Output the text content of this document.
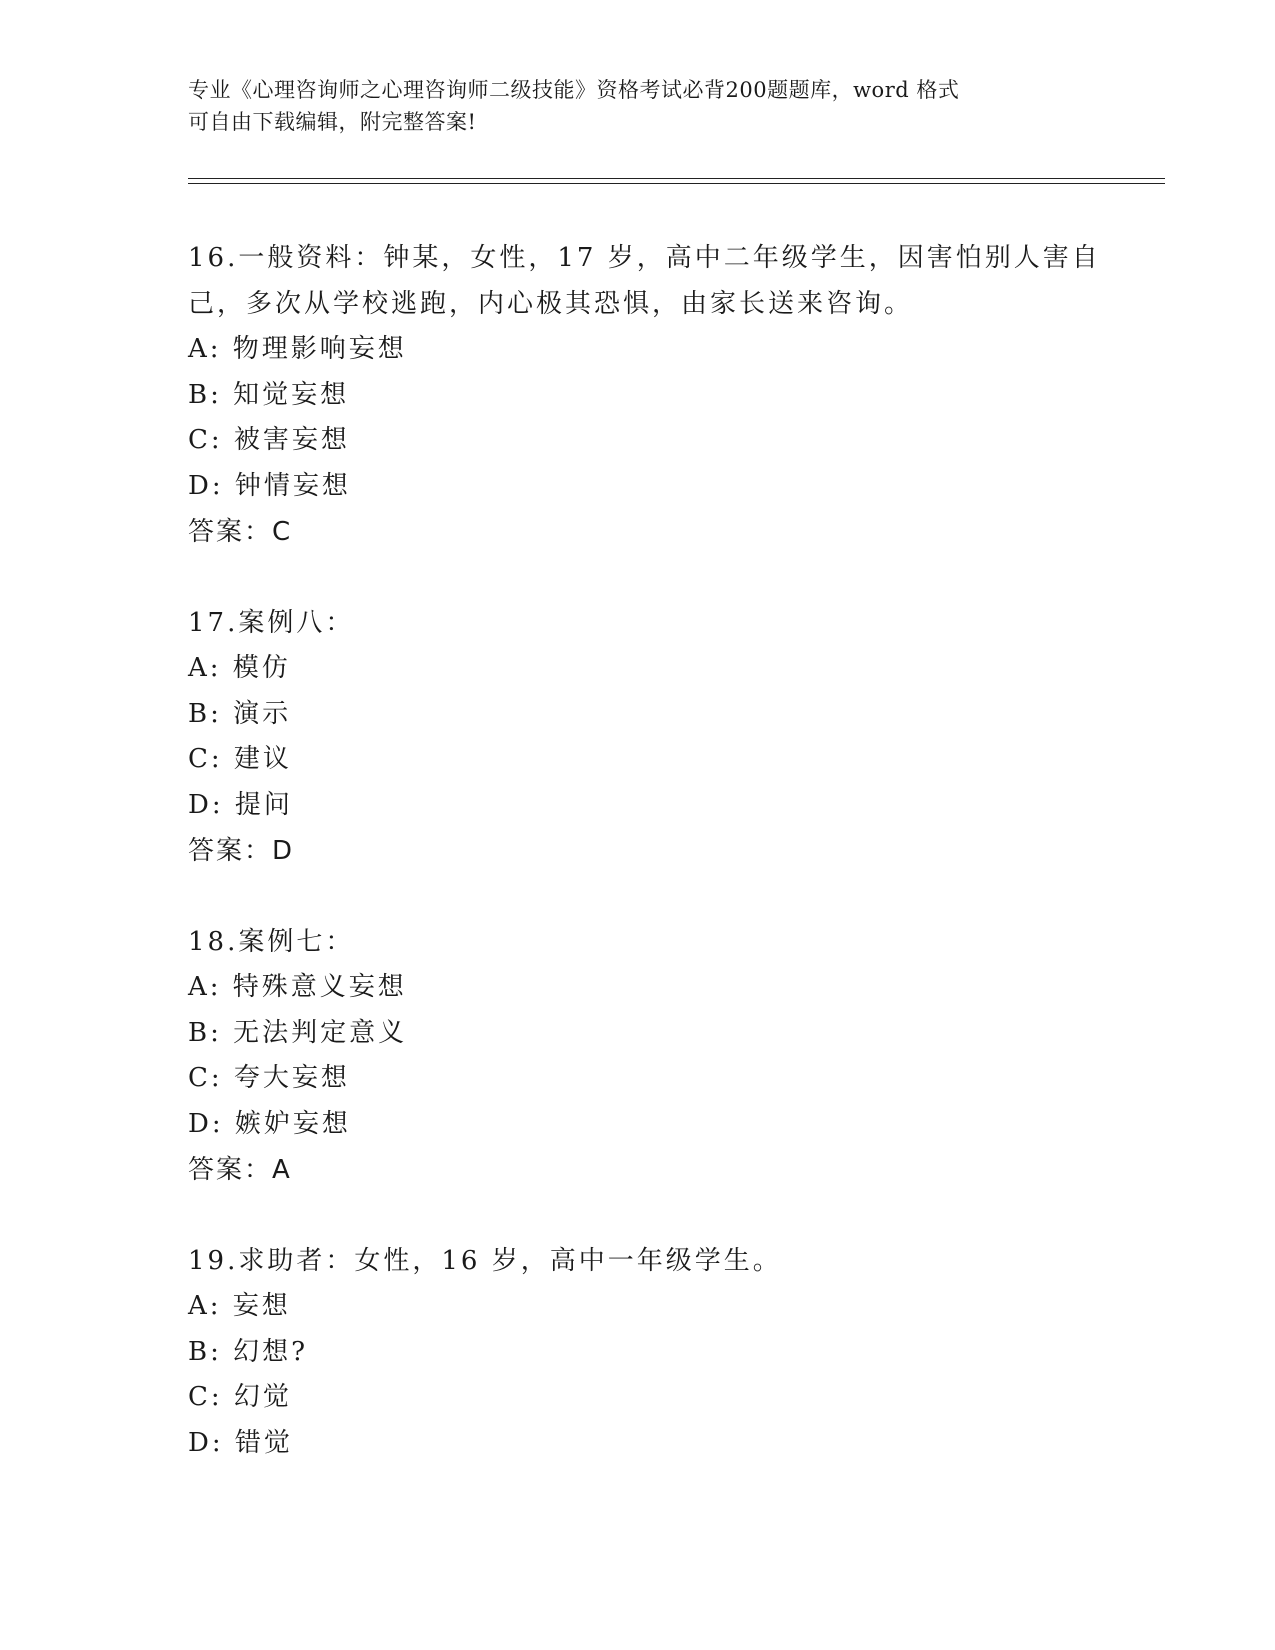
专业《心理咨询师之心理咨询师二级技能》资格考试必背200题题库，word 格式
可自由下载编辑，附完整答案!

16.一般资料：钟某，女性，17 岁，高中二年级学生，因害怕别人害自

己，多次从学校逃跑，内心极其恐惧，由家长送来咨询。

A: 物理影响妄想

B: 知觉妄想

C: 被害妄想

D: 钟情妄想

答案：C

17.案例八：

A: 模仿

B: 演示

C: 建议

D: 提问

答案：D

18.案例七：

A: 特殊意义妄想

B: 无法判定意义

C: 夸大妄想

D: 嫉妒妄想

答案：A

19.求助者：女性，16 岁，高中一年级学生。

A: 妄想

B: 幻想?

C: 幻觉

D: 错觉
